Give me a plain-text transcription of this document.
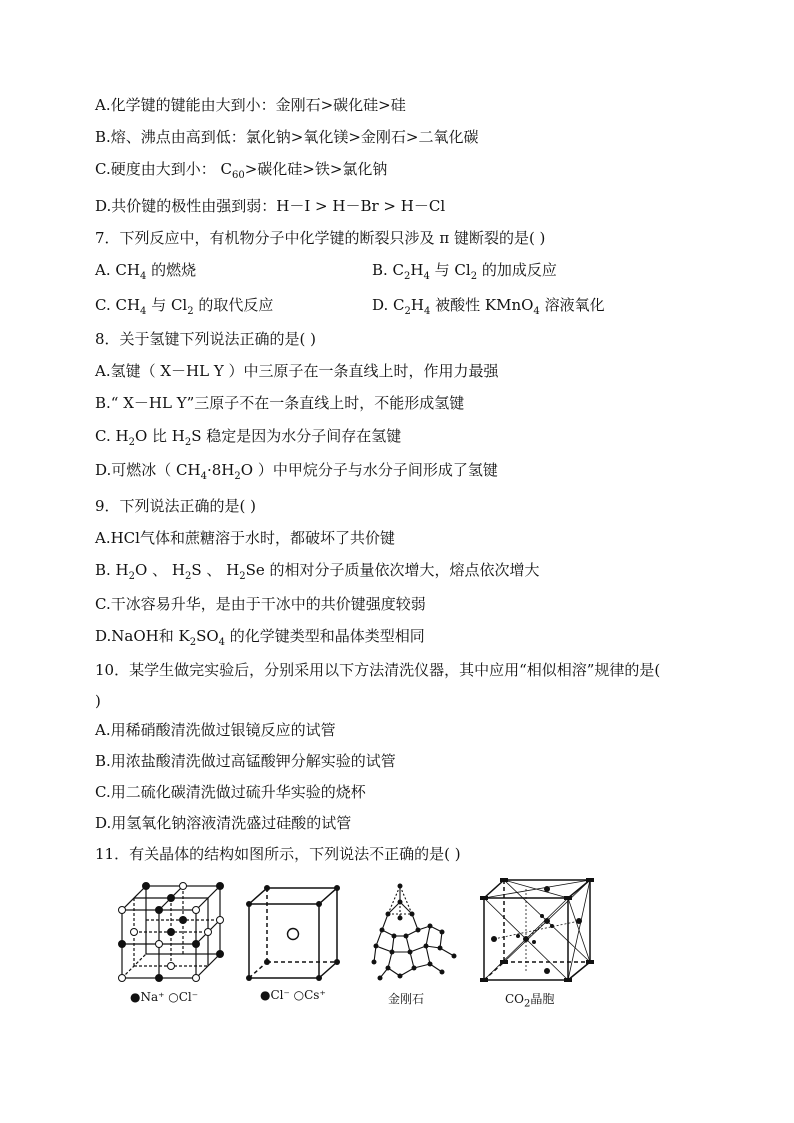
A.化学键的键能由大到小：金刚石>碳化硅>硅
B.熔、沸点由高到低：氯化钠>氧化镁>金刚石>二氧化碳
C.硬度由大到小： $C_{60}>$碳化硅>铁>氯化钠
D.共价键的极性由强到弱：H－I > H－Br > H－Cl
7．下列反应中，有机物分子中化学键的断裂只涉及 π 键断裂的是( )
A. $CH_4$ 的燃烧	B. $C_2H_4$ 与 $Cl_2$ 的加成反应
C. $CH_4$ 与 $Cl_2$ 的取代反应	D. $C_2H_4$ 被酸性 KMnO$_4$ 溶液氧化
8．关于氢键下列说法正确的是( )
A.氢键（ X－HL Y ）中三原子在一条直线上时，作用力最强
B.“ X－HL Y”三原子不在一条直线上时，不能形成氢键
C. $H_2O$ 比 $H_2S$ 稳定是因为水分子间存在氢键
D.可燃冰（ $CH_4\cdot 8H_2O$ ）中甲烷分子与水分子间形成了氢键
9．下列说法正确的是( )
A.HCl气体和蔗糖溶于水时，都破坏了共价键
B. $H_2O$ 、 $H_2S$ 、 $H_2Se$ 的相对分子质量依次增大，熔点依次增大
C.干冰容易升华，是由于干冰中的共价键强度较弱
D.NaOH和 $K_2SO_4$ 的化学键类型和晶体类型相同
10．某学生做完实验后，分别采用以下方法清洗仪器，其中应用“相似相溶”规律的是(
)
A.用稀硝酸清洗做过银镜反应的试管
B.用浓盐酸清洗做过高锰酸钾分解实验的试管
C.用二硫化碳清洗做过硫升华实验的烧杯
D.用氢氧化钠溶液清洗盛过硅酸的试管
11．有关晶体的结构如图所示，下列说法不正确的是( )
●Na⁺ ○Cl⁻	●Cl⁻ ○Cs⁺	金刚石	$CO_2$晶胞
